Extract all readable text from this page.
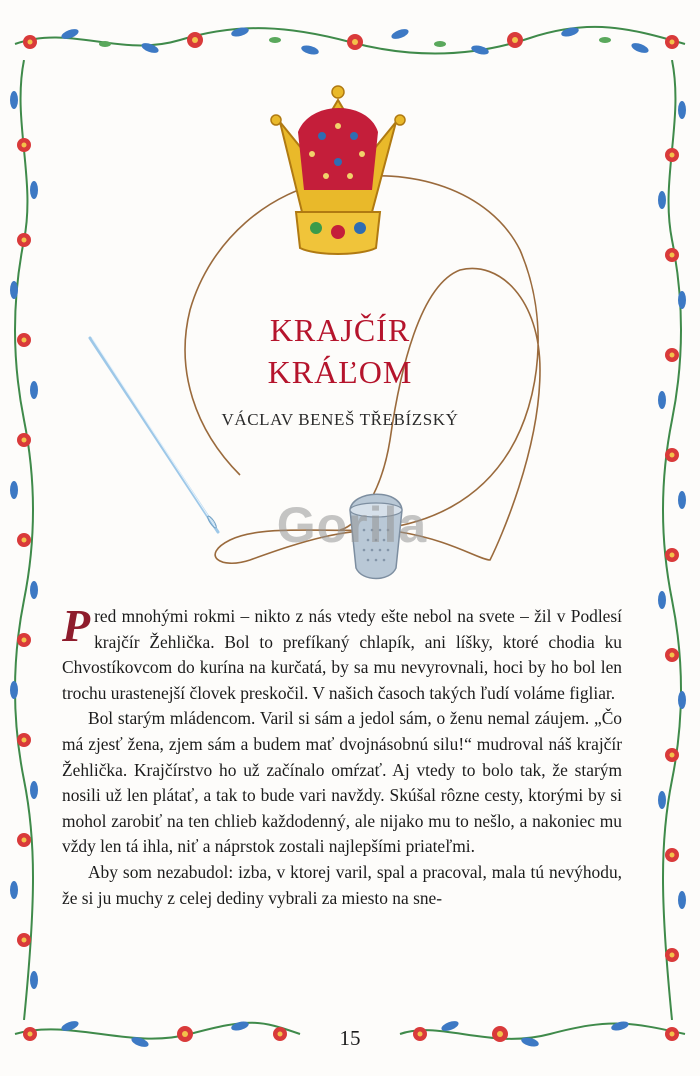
KRAJČÍR
KRÁĽOM
VÁCLAV BENEŠ TŘEBÍZSKÝ
Gorila

Pred mnohými rokmi – nikto z nás vtedy ešte nebol na svete – žil v Podlesí krajčír Žehlička. Bol to prefíkaný chlapík, ani líšky, ktoré chodia ku Chvostíkovcom do kurína na kurčatá, by sa mu nevyrovnali, hoci by ho bol len trochu urastenejší človek preskočil. V našich časoch takých ľudí voláme figliar.

Bol starým mládencom. Varil si sám a jedol sám, o ženu nemal záujem. „Čo má zjesť žena, zjem sám a budem mať dvojnásobnú silu!“ mudroval náš krajčír Žehlička. Krajčírstvo ho už začínalo omŕzať. Aj vtedy to bolo tak, že starým nosili už len plátať, a tak to bude vari navždy. Skúšal rôzne cesty, ktorými by si mohol zarobiť na ten chlieb každodenný, ale nijako mu to nešlo, a nakoniec mu vždy len tá ihla, niť a náprstok zostali najlepšími priateľmi.

Aby som nezabudol: izba, v ktorej varil, spal a pracoval, mala tú nevýhodu, že si ju muchy z celej dediny vybrali za miesto na sne-

15
